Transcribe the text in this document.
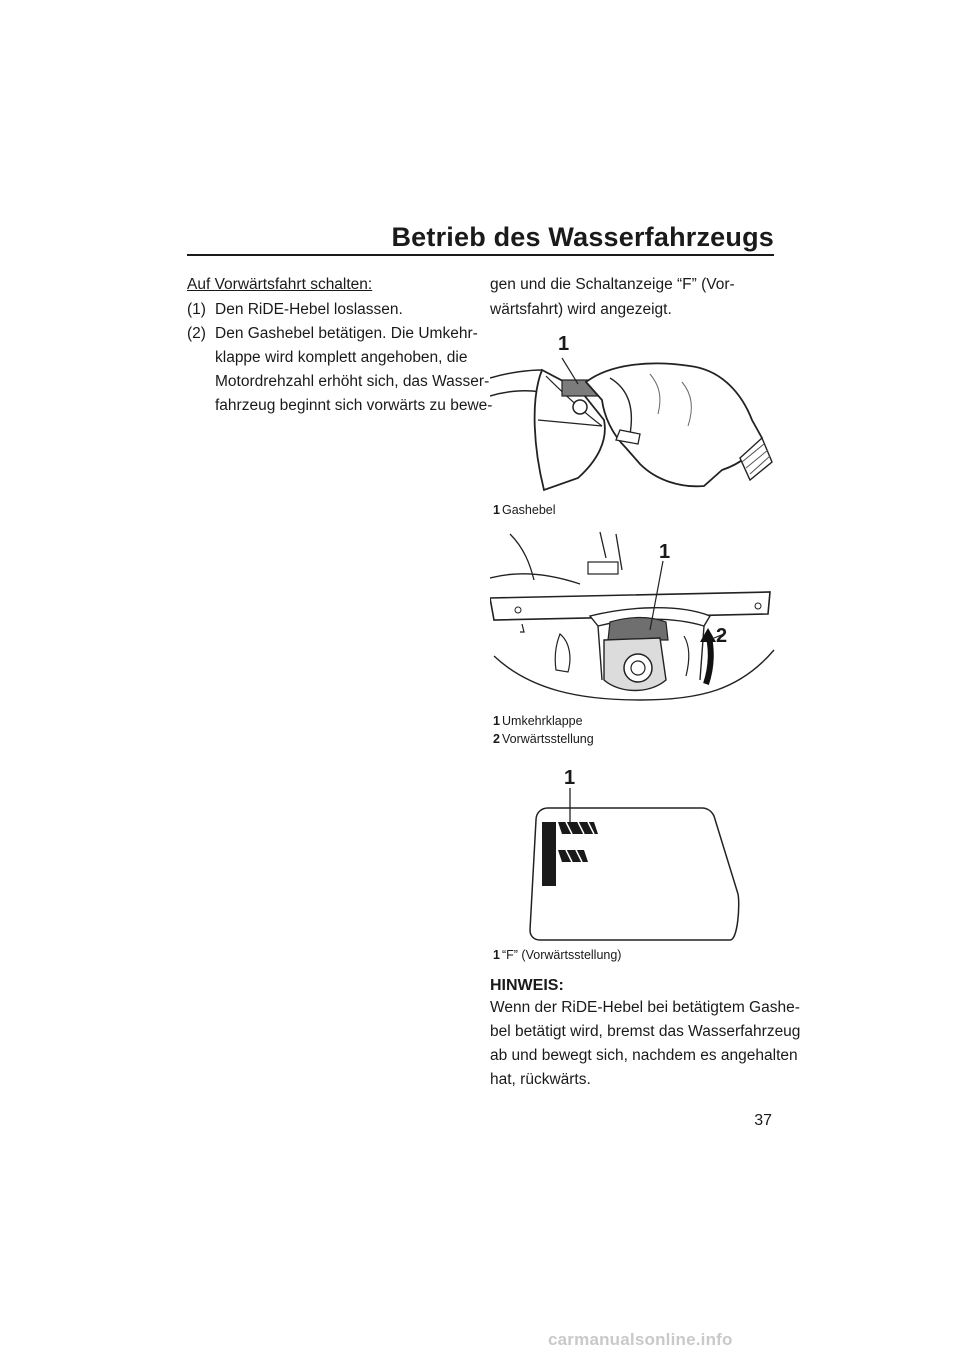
Betrieb des Wasserfahrzeugs
Auf Vorwärtsfahrt schalten:
(1) Den RiDE-Hebel loslassen.
(2) Den Gashebel betätigen. Die Umkehr-
klappe wird komplett angehoben, die
Motordrehzahl erhöht sich, das Wasser-
fahrzeug beginnt sich vorwärts zu bewe-
gen und die Schaltanzeige “F” (Vor-
wärtsfahrt) wird angezeigt.
1
1 Gashebel
1
2
1 Umkehrklappe
2 Vorwärtsstellung
1
1 “F” (Vorwärtsstellung)
HINWEIS:
Wenn der RiDE-Hebel bei betätigtem Gashe-
bel betätigt wird, bremst das Wasserfahrzeug
ab und bewegt sich, nachdem es angehalten
hat, rückwärts.
37
carmanualsonline.info
